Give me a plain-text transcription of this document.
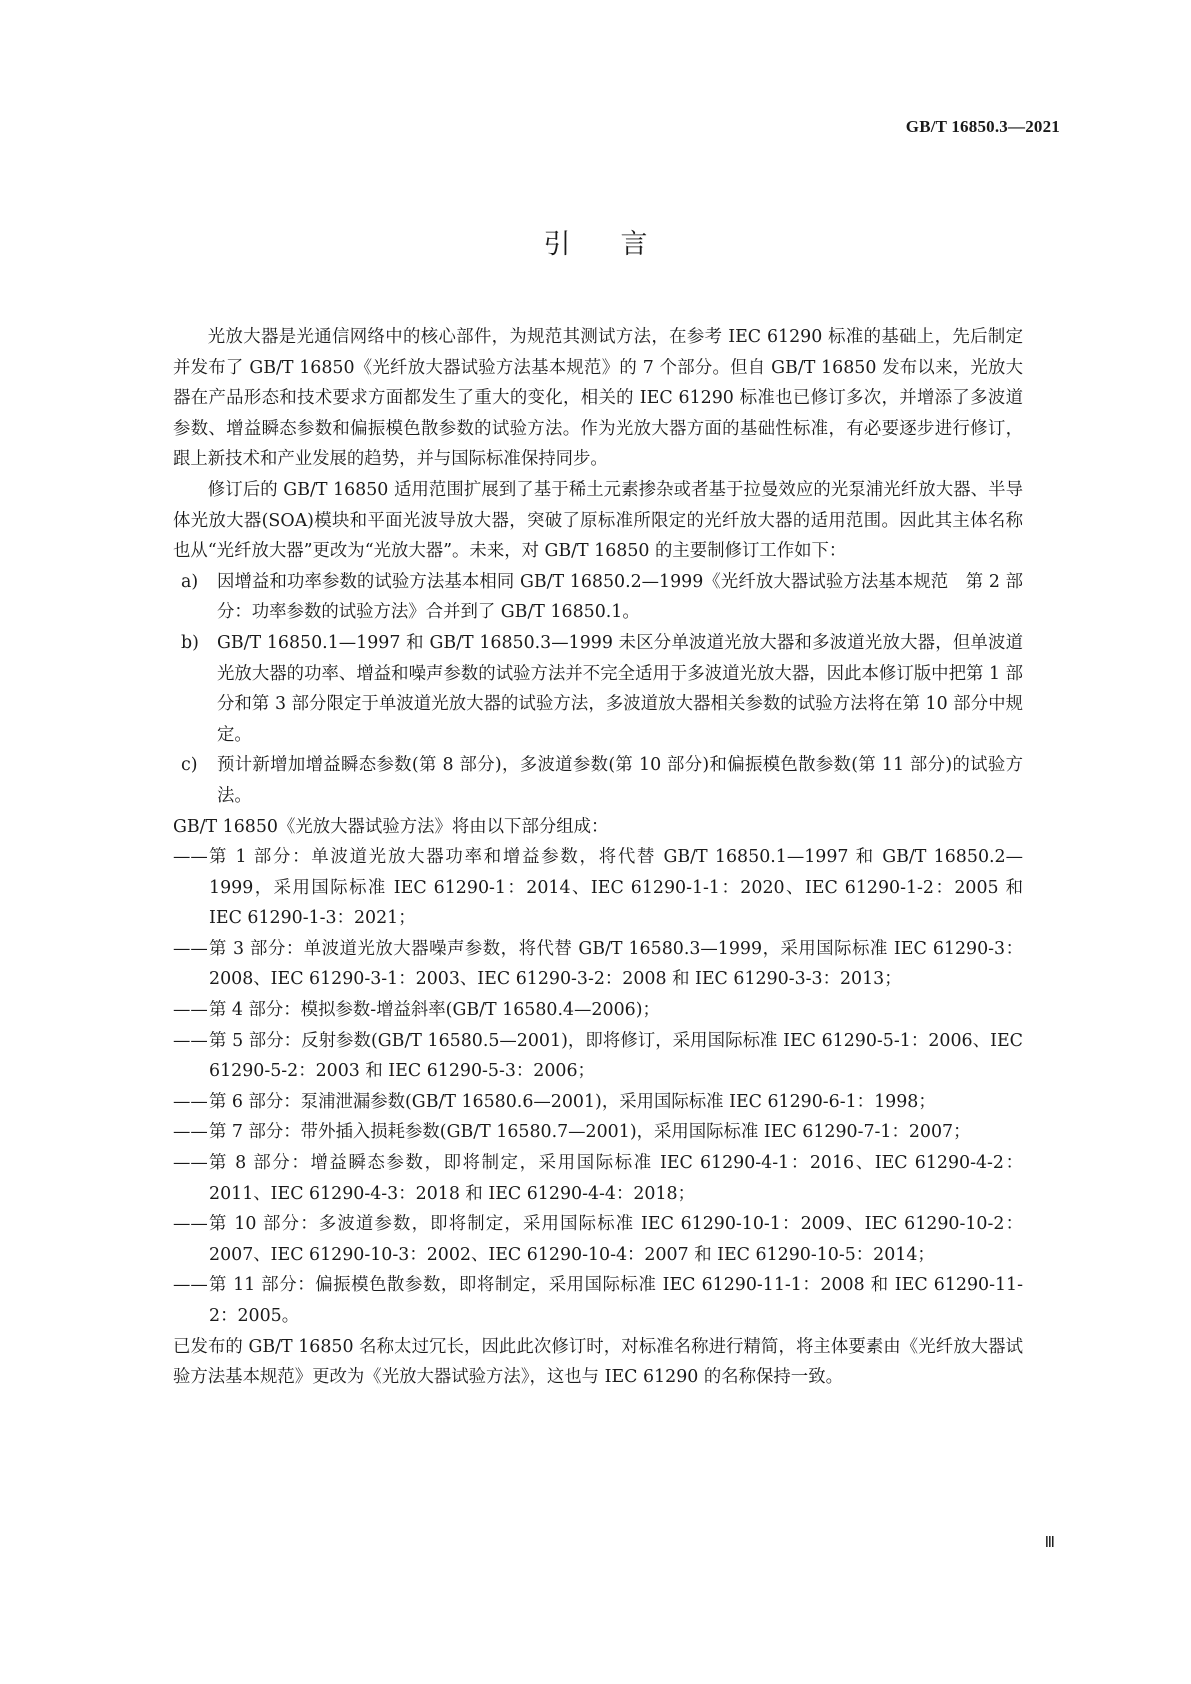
GB/T 16850.3—2021
引言

光放大器是光通信网络中的核心部件，为规范其测试方法，在参考 IEC 61290 标准的基础上，先后制定并发布了 GB/T 16850《光纤放大器试验方法基本规范》的 7 个部分。但自 GB/T 16850 发布以来，光放大器在产品形态和技术要求方面都发生了重大的变化，相关的 IEC 61290 标准也已修订多次，并增添了多波道参数、增益瞬态参数和偏振模色散参数的试验方法。作为光放大器方面的基础性标准，有必要逐步进行修订，跟上新技术和产业发展的趋势，并与国际标准保持同步。

修订后的 GB/T 16850 适用范围扩展到了基于稀土元素掺杂或者基于拉曼效应的光泵浦光纤放大器、半导体光放大器(SOA)模块和平面光波导放大器，突破了原标准所限定的光纤放大器的适用范围。因此其主体名称也从“光纤放大器”更改为“光放大器”。未来，对 GB/T 16850 的主要制修订工作如下：

a)	因增益和功率参数的试验方法基本相同 GB/T 16850.2—1999《光纤放大器试验方法基本规范　第 2 部分：功率参数的试验方法》合并到了 GB/T 16850.1。
b)	GB/T 16850.1—1997 和 GB/T 16850.3—1999 未区分单波道光放大器和多波道光放大器，但单波道光放大器的功率、增益和噪声参数的试验方法并不完全适用于多波道光放大器，因此本修订版中把第 1 部分和第 3 部分限定于单波道光放大器的试验方法，多波道放大器相关参数的试验方法将在第 10 部分中规定。
c)	预计新增加增益瞬态参数(第 8 部分)，多波道参数(第 10 部分)和偏振模色散参数(第 11 部分)的试验方法。

GB/T 16850《光放大器试验方法》将由以下部分组成：

—— 第 1 部分：单波道光放大器功率和增益参数，将代替 GB/T 16850.1—1997 和 GB/T 16850.2—1999，采用国际标准 IEC 61290-1：2014、IEC 61290-1-1：2020、IEC 61290-1-2：2005 和 IEC 61290-1-3：2021；
—— 第 3 部分：单波道光放大器噪声参数，将代替 GB/T 16580.3—1999，采用国际标准 IEC 61290-3：2008、IEC 61290-3-1：2003、IEC 61290-3-2：2008 和 IEC 61290-3-3：2013；
—— 第 4 部分：模拟参数-增益斜率(GB/T 16580.4—2006)；
—— 第 5 部分：反射参数(GB/T 16580.5—2001)，即将修订，采用国际标准 IEC 61290-5-1：2006、IEC 61290-5-2：2003 和 IEC 61290-5-3：2006；
—— 第 6 部分：泵浦泄漏参数(GB/T 16580.6—2001)，采用国际标准 IEC 61290-6-1：1998；
—— 第 7 部分：带外插入损耗参数(GB/T 16580.7—2001)，采用国际标准 IEC 61290-7-1：2007；
—— 第 8 部分：增益瞬态参数，即将制定，采用国际标准 IEC 61290-4-1：2016、IEC 61290-4-2：2011、IEC 61290-4-3：2018 和 IEC 61290-4-4：2018；
—— 第 10 部分：多波道参数，即将制定，采用国际标准 IEC 61290-10-1：2009、IEC 61290-10-2：2007、IEC 61290-10-3：2002、IEC 61290-10-4：2007 和 IEC 61290-10-5：2014；
—— 第 11 部分：偏振模色散参数，即将制定，采用国际标准 IEC 61290-11-1：2008 和 IEC 61290-11-2：2005。

已发布的 GB/T 16850 名称太过冗长，因此此次修订时，对标准名称进行精简，将主体要素由《光纤放大器试验方法基本规范》更改为《光放大器试验方法》，这也与 IEC 61290 的名称保持一致。

Ⅲ
